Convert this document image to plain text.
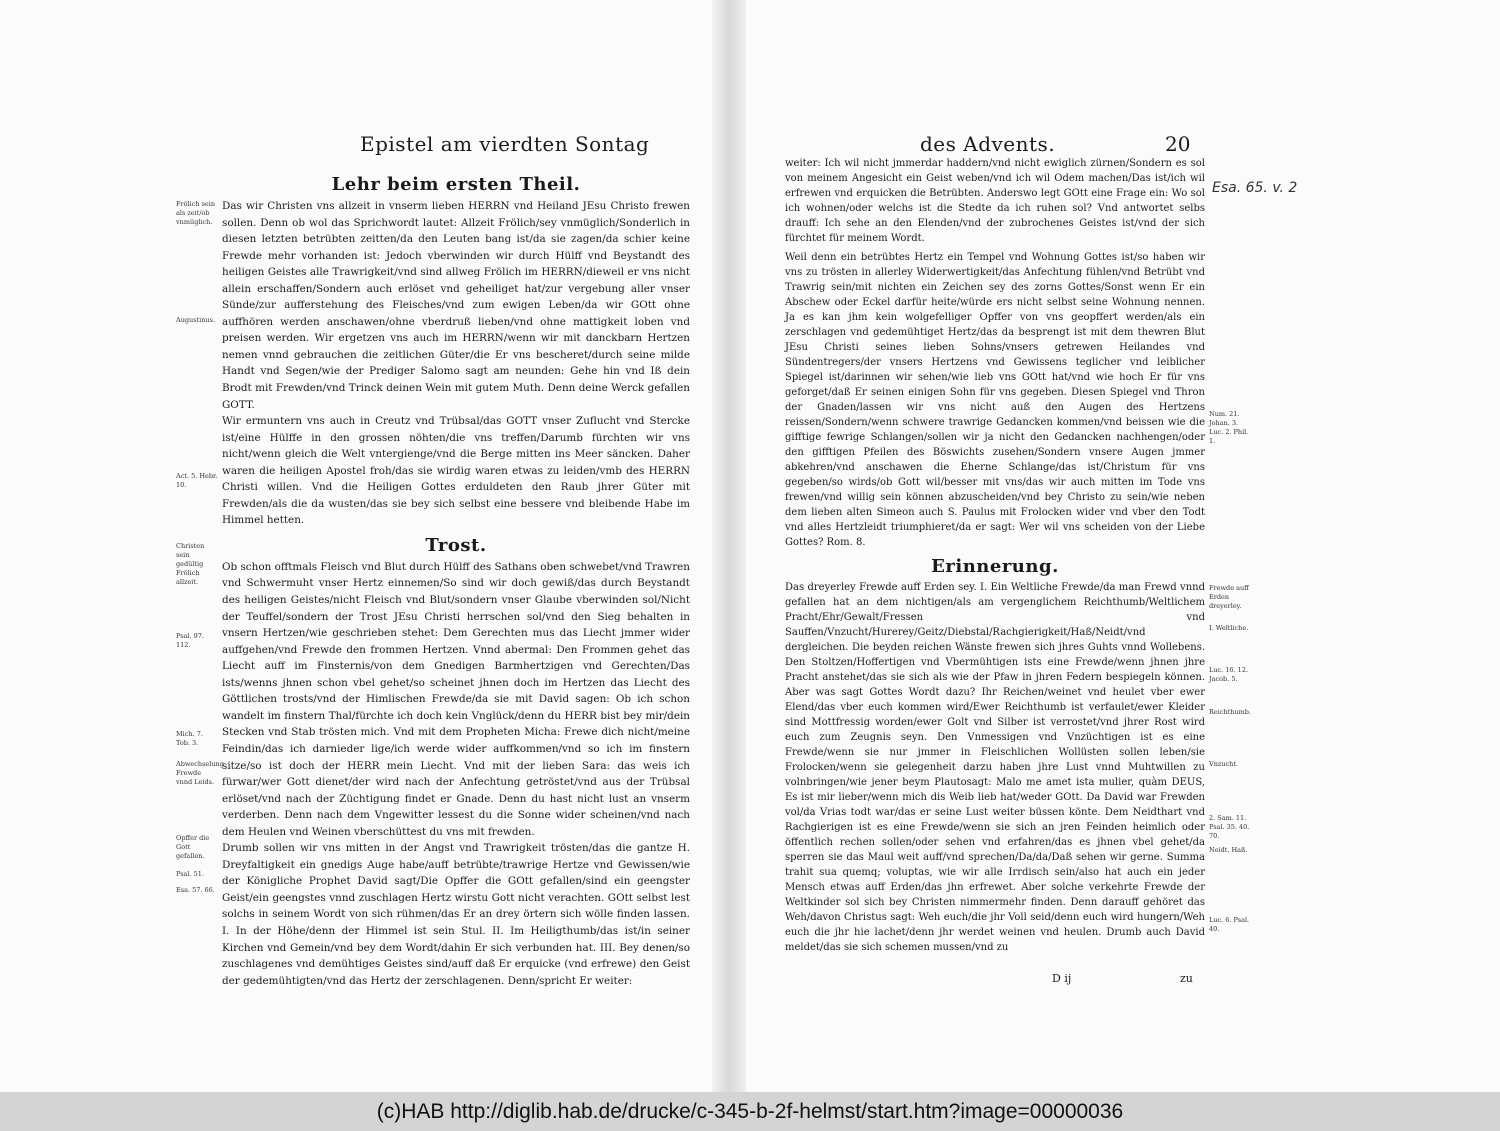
Epistel am vierdten Sontag
Lehr beim ersten Theil.
Frölich sein als zeit/ob vnmüglich.
Augustinus.
Act. 5. Hebr. 10.

Das wir Christen vns allzeit in vnserm lieben HERRN vnd Heiland JEsu Christo frewen sollen. Denn ob wol das Sprichwordt lautet: Allzeit Frölich/sey vnmüglich/Sonderlich in diesen letzten betrübten zeitten/da den Leuten bang ist/da sie zagen/da schier keine Frewde mehr vorhanden ist: Jedoch vberwinden wir durch Hülff vnd Beystandt des heiligen Geistes alle Trawrigkeit/vnd sind allweg Frölich im HERRN/dieweil er vns nicht allein erschaffen/Sondern auch erlöset vnd geheiliget hat/zur vergebung aller vnser Sünde/zur aufferstehung des Fleisches/vnd zum ewigen Leben/da wir GOtt ohne auffhören werden anschawen/ohne vberdruß lieben/vnd ohne mattigkeit loben vnd preisen werden. Wir ergetzen vns auch im HERRN/wenn wir mit danckbarn Hertzen nemen vnnd gebrauchen die zeitlichen Güter/die Er vns bescheret/durch seine milde Handt vnd Segen/wie der Prediger Salomo sagt am neunden: Gehe hin vnd Iß dein Brodt mit Frewden/vnd Trinck deinen Wein mit gutem Muth. Denn deine Werck gefallen GOTT.

Wir ermuntern vns auch in Creutz vnd Trübsal/das GOTT vnser Zuflucht vnd Stercke ist/eine Hülffe in den grossen nöhten/die vns treffen/Darumb fürchten wir vns nicht/wenn gleich die Welt vntergienge/vnd die Berge mitten ins Meer säncken. Daher waren die heiligen Apostel froh/das sie wirdig waren etwas zu leiden/vmb des HERRN Christi willen. Vnd die Heiligen Gottes erduldeten den Raub jhrer Güter mit Frewden/als die da wusten/das sie bey sich selbst eine bessere vnd bleibende Habe im Himmel hetten.

Trost.
Christen sein gedültig Frölich allzeit.
Psal. 97. 112.
Mich. 7. Tob. 3.
Abwechselung Frewde vnnd Leids.
Opffer die Gott gefallen.
Psal. 51.
Esa. 57. 66.

Ob schon offtmals Fleisch vnd Blut durch Hülff des Sathans oben schwebet/vnd Trawren vnd Schwermuht vnser Hertz einnemen/So sind wir doch gewiß/das durch Beystandt des heiligen Geistes/nicht Fleisch vnd Blut/sondern vnser Glaube vberwinden sol/Nicht der Teuffel/sondern der Trost JEsu Christi herrschen sol/vnd den Sieg behalten in vnsern Hertzen/wie geschrieben stehet: Dem Gerechten mus das Liecht jmmer wider auffgehen/vnd Frewde den frommen Hertzen. Vnnd abermal: Den Frommen gehet das Liecht auff im Finsternis/von dem Gnedigen Barmhertzigen vnd Gerechten/Das ists/wenns jhnen schon vbel gehet/so scheinet jhnen doch im Hertzen das Liecht des Göttlichen trosts/vnd der Himlischen Frewde/da sie mit David sagen: Ob ich schon wandelt im finstern Thal/fürchte ich doch kein Vnglück/denn du HERR bist bey mir/dein Stecken vnd Stab trösten mich. Vnd mit dem Propheten Micha: Frewe dich nicht/meine Feindin/das ich darnieder lige/ich werde wider auffkommen/vnd so ich im finstern sitze/so ist doch der HERR mein Liecht. Vnd mit der lieben Sara: das weis ich fürwar/wer Gott dienet/der wird nach der Anfechtung getröstet/vnd aus der Trübsal erlöset/vnd nach der Züchtigung findet er Gnade. Denn du hast nicht lust an vnserm verderben. Denn nach dem Vngewitter lessest du die Sonne wider scheinen/vnd nach dem Heulen vnd Weinen vberschüttest du vns mit frewden.

Drumb sollen wir vns mitten in der Angst vnd Trawrigkeit trösten/das die gantze H. Dreyfaltigkeit ein gnedigs Auge habe/auff betrübte/trawrige Hertze vnd Gewissen/wie der Königliche Prophet David sagt/Die Opffer die GOtt gefallen/sind ein geengster Geist/ein geengstes vnnd zuschlagen Hertz wirstu Gott nicht verachten. GOtt selbst lest solchs in seinem Wordt von sich rühmen/das Er an drey örtern sich wölle finden lassen. I. In der Höhe/denn der Himmel ist sein Stul. II. Im Heiligthumb/das ist/in seiner Kirchen vnd Gemein/vnd bey dem Wordt/dahin Er sich verbunden hat. III. Bey denen/so zuschlagenes vnd demühtiges Geistes sind/auff daß Er erquicke (vnd erfrewe) den Geist der gedemühtigten/vnd das Hertz der zerschlagenen. Denn/spricht Er weiter:

des Advents.	20
Esa. 65. v. 2

weiter: Ich wil nicht jmmerdar haddern/vnd nicht ewiglich zürnen/Sondern es sol von meinem Angesicht ein Geist weben/vnd ich wil Odem machen/Das ist/ich wil erfrewen vnd erquicken die Betrübten. Anderswo legt GOtt eine Frage ein: Wo sol ich wohnen/oder welchs ist die Stedte da ich ruhen sol? Vnd antwortet selbs drauff: Ich sehe an den Elenden/vnd der zubrochenes Geistes ist/vnd der sich fürchtet für meinem Wordt.

Weil denn ein betrübtes Hertz ein Tempel vnd Wohnung Gottes ist/so haben wir vns zu trösten in allerley Widerwertigkeit/das Anfechtung fühlen/vnd Betrübt vnd Trawrig sein/mit nichten ein Zeichen sey des zorns Gottes/Sonst wenn Er ein Abschew oder Eckel darfür heite/würde ers nicht selbst seine Wohnung nennen. Ja es kan jhm kein wolgefelliger Opffer von vns geopffert werden/als ein zerschlagen vnd gedemühtiget Hertz/das da besprengt ist mit dem thewren Blut JEsu Christi seines lieben Sohns/vnsers getrewen Heilandes vnd Sündentregers/der vnsers Hertzens vnd Gewissens teglicher vnd leiblicher Spiegel ist/darinnen wir sehen/wie lieb vns GOtt hat/vnd wie hoch Er für vns geforget/daß Er seinen einigen Sohn für vns gegeben. Diesen Spiegel vnd Thron der Gnaden/lassen wir vns nicht auß den Augen des Hertzens reissen/Sondern/wenn schwere trawrige Gedancken kommen/vnd beissen wie die gifftige fewrige Schlangen/sollen wir ja nicht den Gedancken nachhengen/oder den gifftigen Pfeilen des Böswichts zusehen/Sondern vnsere Augen jmmer abkehren/vnd anschawen die Eherne Schlange/das ist/Christum für vns gegeben/so wirds/ob Gott wil/besser mit vns/das wir auch mitten im Tode vns frewen/vnd willig sein können abzuscheiden/vnd bey Christo zu sein/wie neben dem lieben alten Simeon auch S. Paulus mit Frolocken wider vnd vber den Todt vnd alles Hertzleidt triumphieret/da er sagt: Wer wil vns scheiden von der Liebe Gottes? Rom. 8.

Erinnerung.

Das dreyerley Frewde auff Erden sey. I. Ein Weltliche Frewde/da man Frewd vnnd gefallen hat an dem nichtigen/als am vergenglichem Reichthumb/Weltlichem Pracht/Ehr/Gewalt/Fressen vnd Sauffen/Vnzucht/Hurerey/Geitz/Diebstal/Rachgierigkeit/Haß/Neidt/vnd dergleichen. Die beyden reichen Wänste frewen sich jhres Guhts vnnd Wollebens. Den Stoltzen/Hoffertigen vnd Vbermühtigen ists eine Frewde/wenn jhnen jhre Pracht anstehet/das sie sich als wie der Pfaw in jhren Federn bespiegeln können. Aber was sagt Gottes Wordt dazu? Ihr Reichen/weinet vnd heulet vber ewer Elend/das vber euch kommen wird/Ewer Reichthumb ist verfaulet/ewer Kleider sind Mottfressig worden/ewer Golt vnd Silber ist verrostet/vnd jhrer Rost wird euch zum Zeugnis seyn. Den Vnmessigen vnd Vnzüchtigen ist es eine Frewde/wenn sie nur jmmer in Fleischlichen Wollüsten sollen leben/sie Frolocken/wenn sie gelegenheit darzu haben jhre Lust vnnd Muhtwillen zu volnbringen/wie jener beym Plautosagt: Malo me amet ista mulier, quàm DEUS, Es ist mir lieber/wenn mich dis Weib lieb hat/weder GOtt. Da David war Frewden vol/da Vrias todt war/das er seine Lust weiter büssen könte. Dem Neidthart vnd Rachgierigen ist es eine Frewde/wenn sie sich an jren Feinden heimlich oder öffentlich rechen sollen/oder sehen vnd erfahren/das es jhnen vbel gehet/da sperren sie das Maul weit auff/vnd sprechen/Da/da/Daß sehen wir gerne. Summa trahit sua quemq; voluptas, wie wir alle Irrdisch sein/also hat auch ein jeder Mensch etwas auff Erden/das jhn erfrewet. Aber solche verkehrte Frewde der Weltkinder sol sich bey Christen nimmermehr finden. Denn darauff gehöret das Weh/davon Christus sagt: Weh euch/die jhr Voll seid/denn euch wird hungern/Weh euch die jhr hie lachet/denn jhr werdet weinen vnd heulen. Drumb auch David meldet/das sie sich schemen mussen/vnd zu

Num. 21. Johan. 3. Luc. 2. Phil. 1.
Frewde auff Erden dreyerley.
I. Weltliche.
Luc. 16. 12. Jacob. 5.
Reichthumb.
Vnzucht.
2. Sam. 11. Psal. 35. 40. 70.
Neidt. Haß.
Luc. 6. Psal. 40.
D ij	zu
(c)HAB http://diglib.hab.de/drucke/c-345-b-2f-helmst/start.htm?image=00000036
